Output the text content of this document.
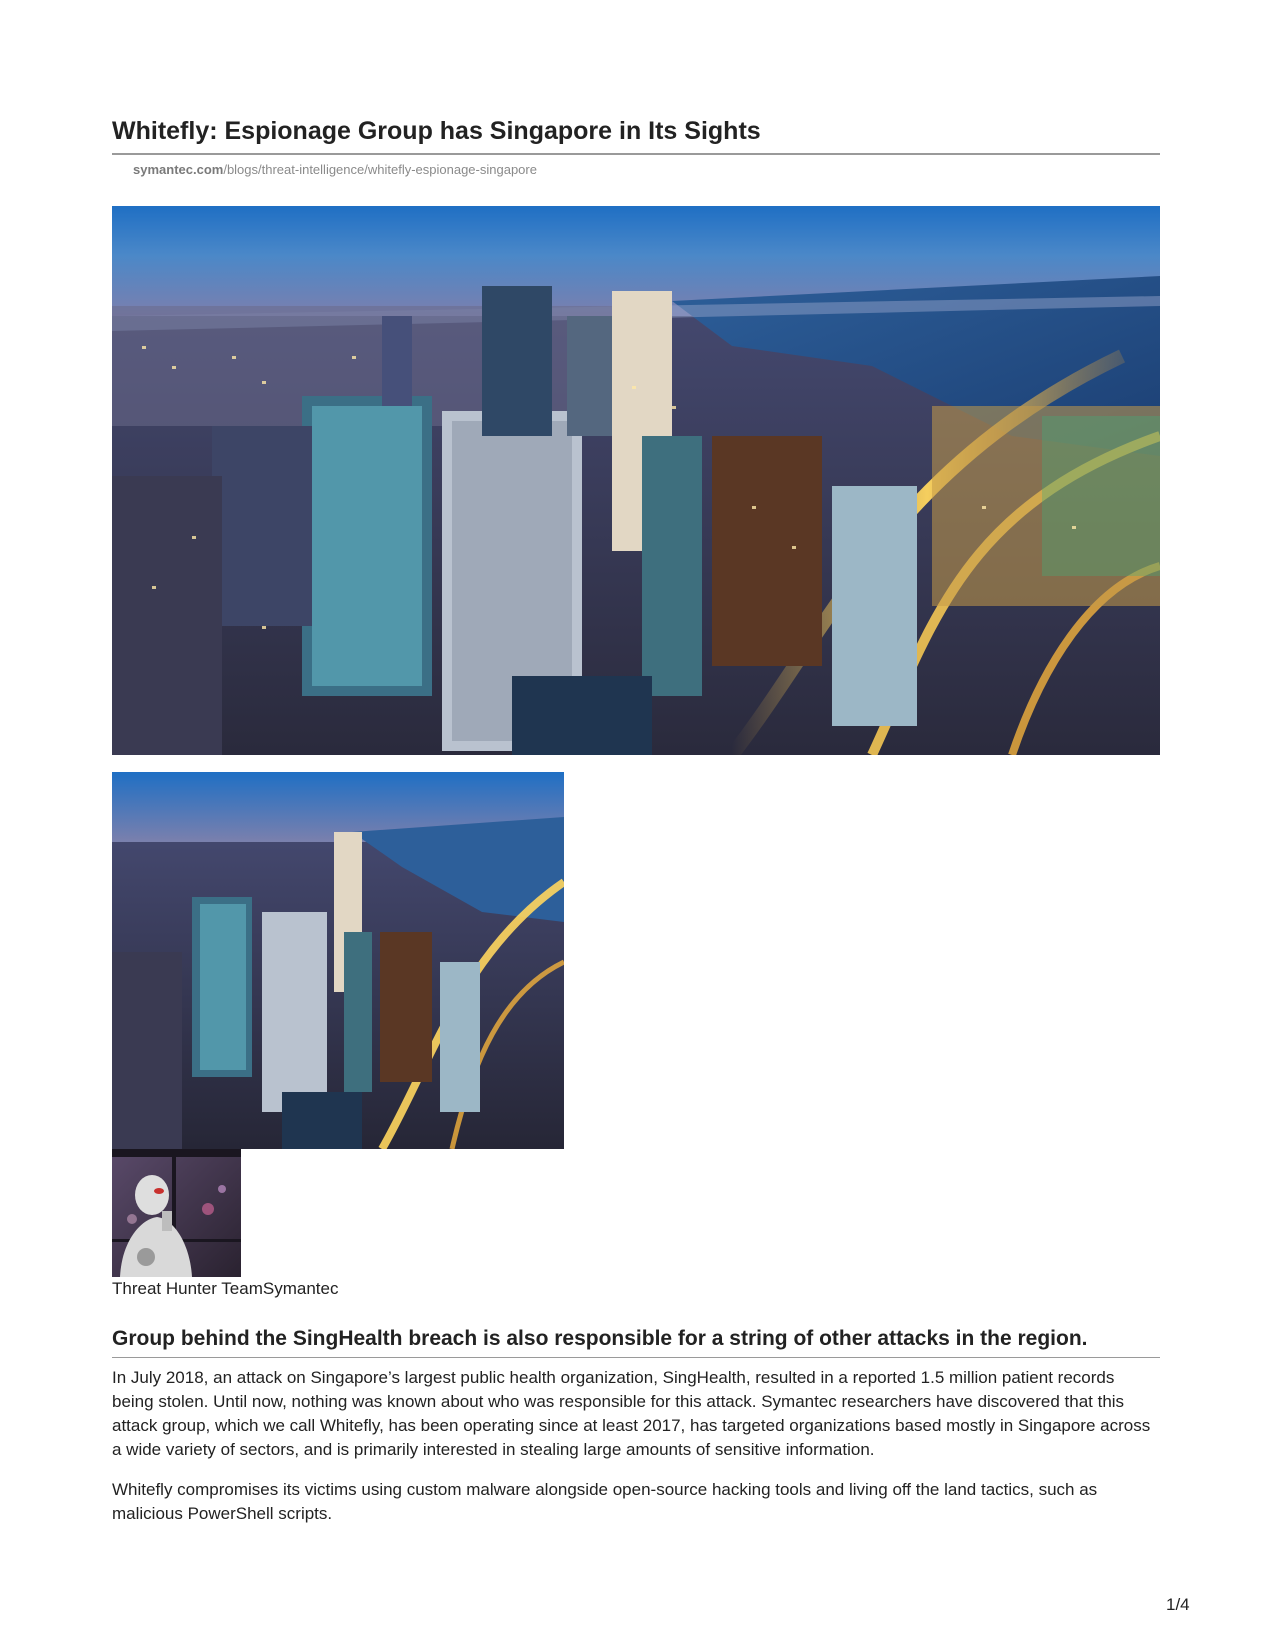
Whitefly: Espionage Group has Singapore in Its Sights
symantec.com/blogs/threat-intelligence/whitefly-espionage-singapore
Threat Hunter TeamSymantec
Group behind the SingHealth breach is also responsible for a string of other attacks in the region.

In July 2018, an attack on Singapore’s largest public health organization, SingHealth, resulted in a reported 1.5 million patient records being stolen. Until now, nothing was known about who was responsible for this attack. Symantec researchers have discovered that this attack group, which we call Whitefly, has been operating since at least 2017, has targeted organizations based mostly in Singapore across a wide variety of sectors, and is primarily interested in stealing large amounts of sensitive information.

Whitefly compromises its victims using custom malware alongside open-source hacking tools and living off the land tactics, such as malicious PowerShell scripts.

1/4
